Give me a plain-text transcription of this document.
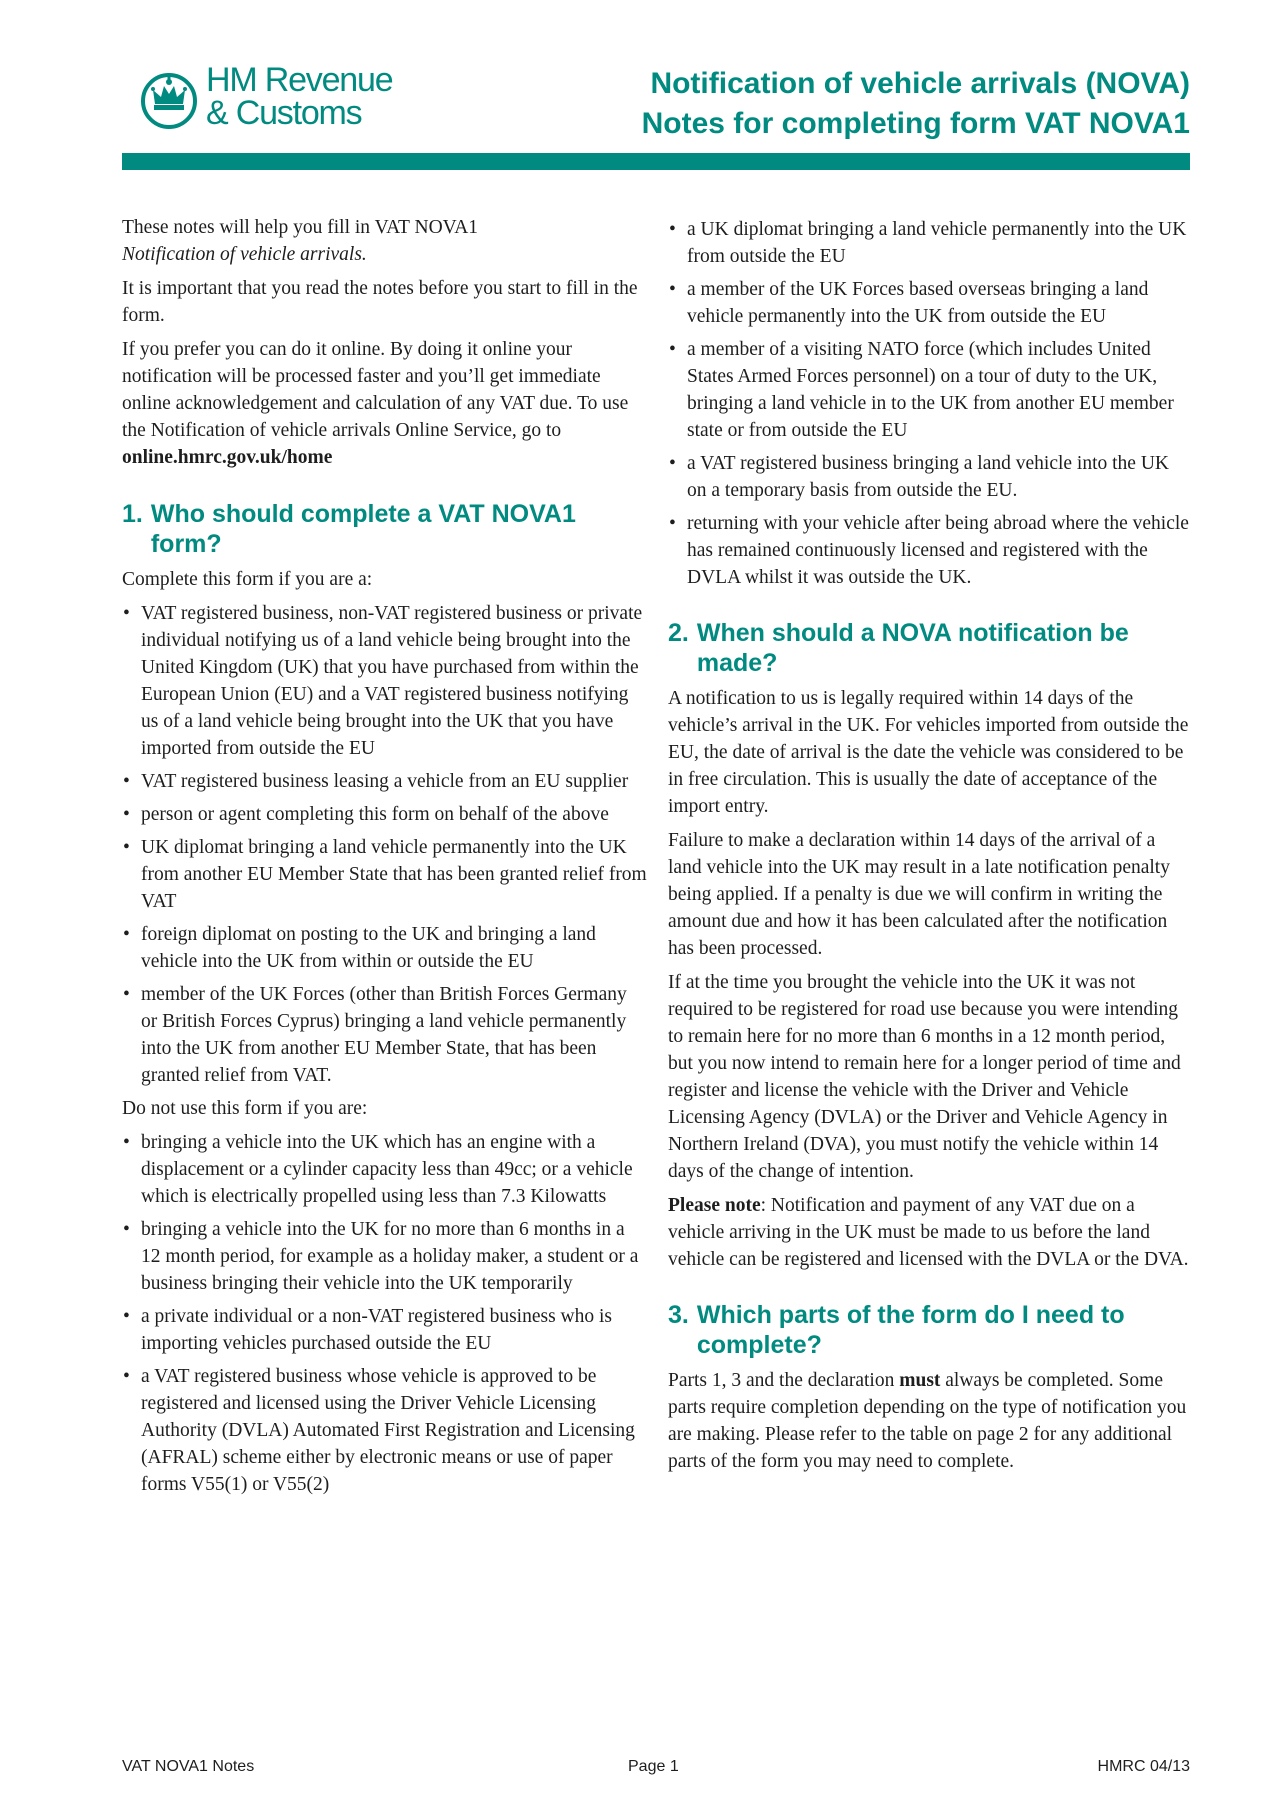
HM Revenue
& Customs
Notification of vehicle arrivals (NOVA)
Notes for completing form VAT NOVA1

These notes will help you fill in VAT NOVA1
Notification of vehicle arrivals.

It is important that you read the notes before you start to fill in the form.

If you prefer you can do it online. By doing it online your notification will be processed faster and you’ll get immediate online acknowledgement and calculation of any VAT due. To use the Notification of vehicle arrivals Online Service, go to online.hmrc.gov.uk/home

1. Who should complete a VAT NOVA1 form?

Complete this form if you are a:

• VAT registered business, non-VAT registered business or private individual notifying us of a land vehicle being brought into the United Kingdom (UK) that you have purchased from within the European Union (EU) and a VAT registered business notifying us of a land vehicle being brought into the UK that you have imported from outside the EU
• VAT registered business leasing a vehicle from an EU supplier
• person or agent completing this form on behalf of the above
• UK diplomat bringing a land vehicle permanently into the UK from another EU Member State that has been granted relief from VAT
• foreign diplomat on posting to the UK and bringing a land vehicle into the UK from within or outside the EU
• member of the UK Forces (other than British Forces Germany or British Forces Cyprus) bringing a land vehicle permanently into the UK from another EU Member State, that has been granted relief from VAT.

Do not use this form if you are:

• bringing a vehicle into the UK which has an engine with a displacement or a cylinder capacity less than 49cc; or a vehicle which is electrically propelled using less than 7.3 Kilowatts
• bringing a vehicle into the UK for no more than 6 months in a 12 month period, for example as a holiday maker, a student or a business bringing their vehicle into the UK temporarily
• a private individual or a non-VAT registered business who is importing vehicles purchased outside the EU
• a VAT registered business whose vehicle is approved to be registered and licensed using the Driver Vehicle Licensing Authority (DVLA) Automated First Registration and Licensing (AFRAL) scheme either by electronic means or use of paper forms V55(1) or V55(2)
• a UK diplomat bringing a land vehicle permanently into the UK from outside the EU
• a member of the UK Forces based overseas bringing a land vehicle permanently into the UK from outside the EU
• a member of a visiting NATO force (which includes United States Armed Forces personnel) on a tour of duty to the UK, bringing a land vehicle in to the UK from another EU member state or from outside the EU
• a VAT registered business bringing a land vehicle into the UK on a temporary basis from outside the EU.
• returning with your vehicle after being abroad where the vehicle has remained continuously licensed and registered with the DVLA whilst it was outside the UK.
2. When should a NOVA notification be made?

A notification to us is legally required within 14 days of the vehicle’s arrival in the UK. For vehicles imported from outside the EU, the date of arrival is the date the vehicle was considered to be in free circulation. This is usually the date of acceptance of the import entry.

Failure to make a declaration within 14 days of the arrival of a land vehicle into the UK may result in a late notification penalty being applied. If a penalty is due we will confirm in writing the amount due and how it has been calculated after the notification has been processed.

If at the time you brought the vehicle into the UK it was not required to be registered for road use because you were intending to remain here for no more than 6 months in a 12 month period, but you now intend to remain here for a longer period of time and register and license the vehicle with the Driver and Vehicle Licensing Agency (DVLA) or the Driver and Vehicle Agency in Northern Ireland (DVA), you must notify the vehicle within 14 days of the change of intention.

Please note: Notification and payment of any VAT due on a vehicle arriving in the UK must be made to us before the land vehicle can be registered and licensed with the DVLA or the DVA.

3. Which parts of the form do I need to complete?

Parts 1, 3 and the declaration must always be completed. Some parts require completion depending on the type of notification you are making. Please refer to the table on page 2 for any additional parts of the form you may need to complete.

VAT NOVA1 Notes	Page 1	HMRC 04/13
